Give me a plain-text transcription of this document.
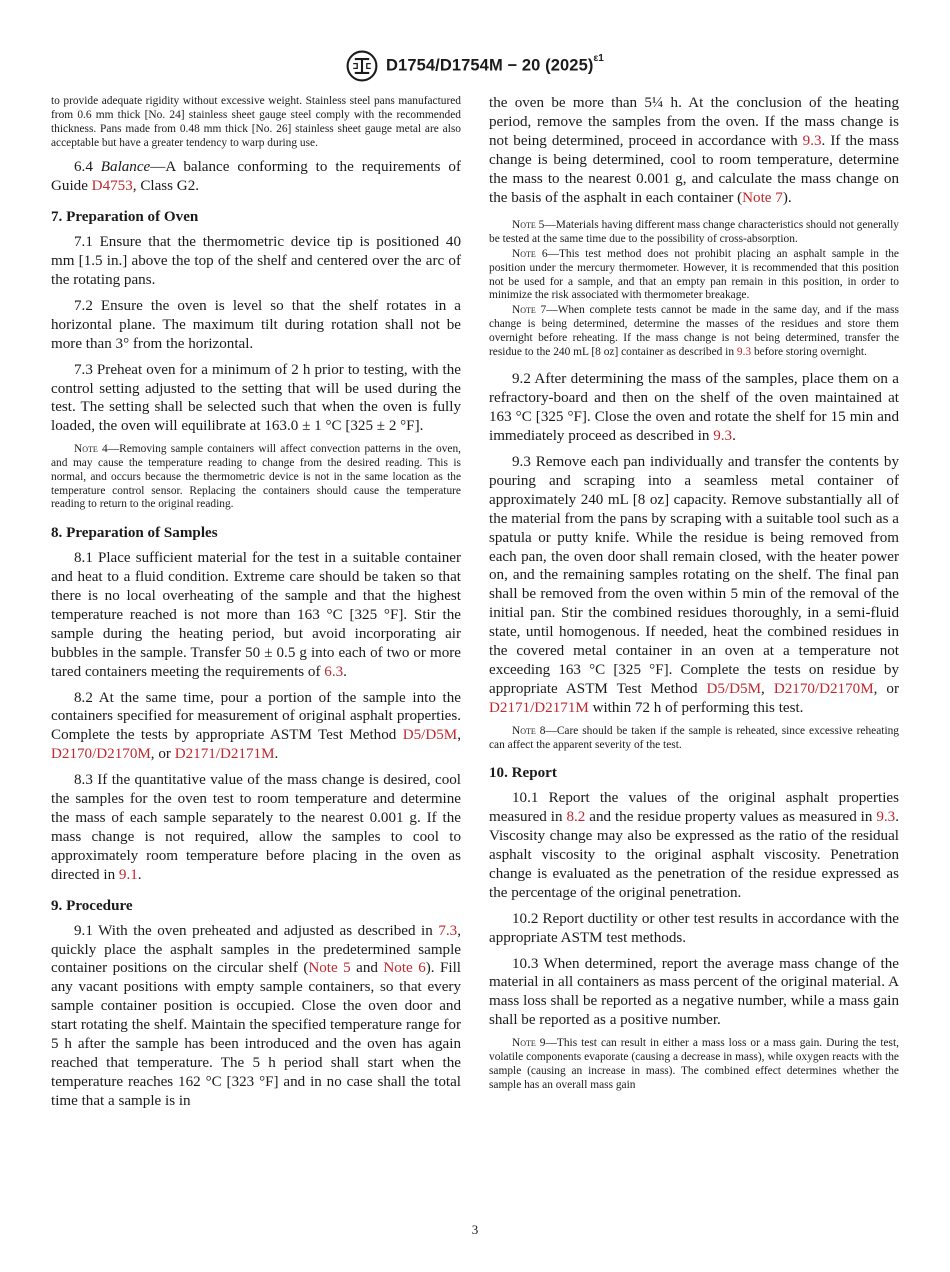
D1754/D1754M − 20 $(2025)^{\varepsilon 1}$

to provide adequate rigidity without excessive weight. Stainless steel pans manufactured from 0.6 mm thick [No. 24] stainless sheet gauge steel comply with the recommended thickness. Pans made from 0.48 mm thick [No. 26] stainless sheet gauge metal are also acceptable but have a greater tendency to warp during use.

6.4 Balance—A balance conforming to the requirements of Guide D4753, Class G2.

7. Preparation of Oven

7.1 Ensure that the thermometric device tip is positioned 40 mm [1.5 in.] above the top of the shelf and centered over the arc of the rotating pans.

7.2 Ensure the oven is level so that the shelf rotates in a horizontal plane. The maximum tilt during rotation shall not be more than 3° from the horizontal.

7.3 Preheat oven for a minimum of 2 h prior to testing, with the control setting adjusted to the setting that will be used during the test. The setting shall be selected such that when the oven is fully loaded, the oven will equilibrate at 163.0 ± 1 °C [325 ± 2 °F].

Note 4—Removing sample containers will affect convection patterns in the oven, and may cause the temperature reading to change from the desired reading. This is normal, and occurs because the thermometric device is not in the same location as the temperature control sensor. Replacing the containers should cause the temperature reading to return to the original reading.

8. Preparation of Samples

8.1 Place sufficient material for the test in a suitable container and heat to a fluid condition. Extreme care should be taken so that there is no local overheating of the sample and that the highest temperature reached is not more than 163 °C [325 °F]. Stir the sample during the heating period, but avoid incorporating air bubbles in the sample. Transfer 50 ± 0.5 g into each of two or more tared containers meeting the requirements of 6.3.

8.2 At the same time, pour a portion of the sample into the containers specified for measurement of original asphalt properties. Complete the tests by appropriate ASTM Test Method D5/D5M, D2170/D2170M, or D2171/D2171M.

8.3 If the quantitative value of the mass change is desired, cool the samples for the oven test to room temperature and determine the mass of each sample separately to the nearest 0.001 g. If the mass change is not required, allow the samples to cool to approximately room temperature before placing in the oven as directed in 9.1.

9. Procedure

9.1 With the oven preheated and adjusted as described in 7.3, quickly place the asphalt samples in the predetermined sample container positions on the circular shelf (Note 5 and Note 6). Fill any vacant positions with empty sample containers, so that every sample container position is occupied. Close the oven door and start rotating the shelf. Maintain the specified temperature range for 5 h after the sample has been introduced and the oven has again reached that temperature. The 5 h period shall start when the temperature reaches 162 °C [323 °F] and in no case shall the total time that a sample is in

the oven be more than 5¼ h. At the conclusion of the heating period, remove the samples from the oven. If the mass change is not being determined, proceed in accordance with 9.3. If the mass change is being determined, cool to room temperature, determine the mass to the nearest 0.001 g, and calculate the mass change on the basis of the asphalt in each container (Note 7).

Note 5—Materials having different mass change characteristics should not generally be tested at the same time due to the possibility of cross-absorption.

Note 6—This test method does not prohibit placing an asphalt sample in the position under the mercury thermometer. However, it is recommended that this position not be used for a sample, and that an empty pan remain in this position, in order to minimize the risk associated with thermometer breakage.

Note 7—When complete tests cannot be made in the same day, and if the mass change is being determined, determine the masses of the residues and store them overnight before reheating. If the mass change is not being determined, transfer the residue to the 240 mL [8 oz] container as described in 9.3 before storing overnight.

9.2 After determining the mass of the samples, place them on a refractory-board and then on the shelf of the oven maintained at 163 °C [325 °F]. Close the oven and rotate the shelf for 15 min and immediately proceed as described in 9.3.

9.3 Remove each pan individually and transfer the contents by pouring and scraping into a seamless metal container of approximately 240 mL [8 oz] capacity. Remove substantially all of the material from the pans by scraping with a suitable tool such as a spatula or putty knife. While the residue is being removed from each pan, the oven door shall remain closed, with the heater power on, and the remaining samples rotating on the shelf. The final pan shall be removed from the oven within 5 min of the removal of the initial pan. Stir the combined residues thoroughly, in a semi-fluid state, until homogenous. If needed, heat the combined residues in the covered metal container in an oven at a temperature not exceeding 163 °C [325 °F]. Complete the tests on residue by appropriate ASTM Test Method D5/D5M, D2170/D2170M, or D2171/D2171M within 72 h of performing this test.

Note 8—Care should be taken if the sample is reheated, since excessive reheating can affect the apparent severity of the test.

10. Report

10.1 Report the values of the original asphalt properties measured in 8.2 and the residue property values as measured in 9.3. Viscosity change may also be expressed as the ratio of the residual asphalt viscosity to the original asphalt viscosity. Penetration change is evaluated as the penetration of the residue expressed as the percentage of the original penetration.

10.2 Report ductility or other test results in accordance with the appropriate ASTM test methods.

10.3 When determined, report the average mass change of the material in all containers as mass percent of the original material. A mass loss shall be reported as a negative number, while a mass gain shall be reported as a positive number.

Note 9—This test can result in either a mass loss or a mass gain. During the test, volatile components evaporate (causing a decrease in mass), while oxygen reacts with the sample (causing an increase in mass). The combined effect determines whether the sample has an overall mass gain

3
